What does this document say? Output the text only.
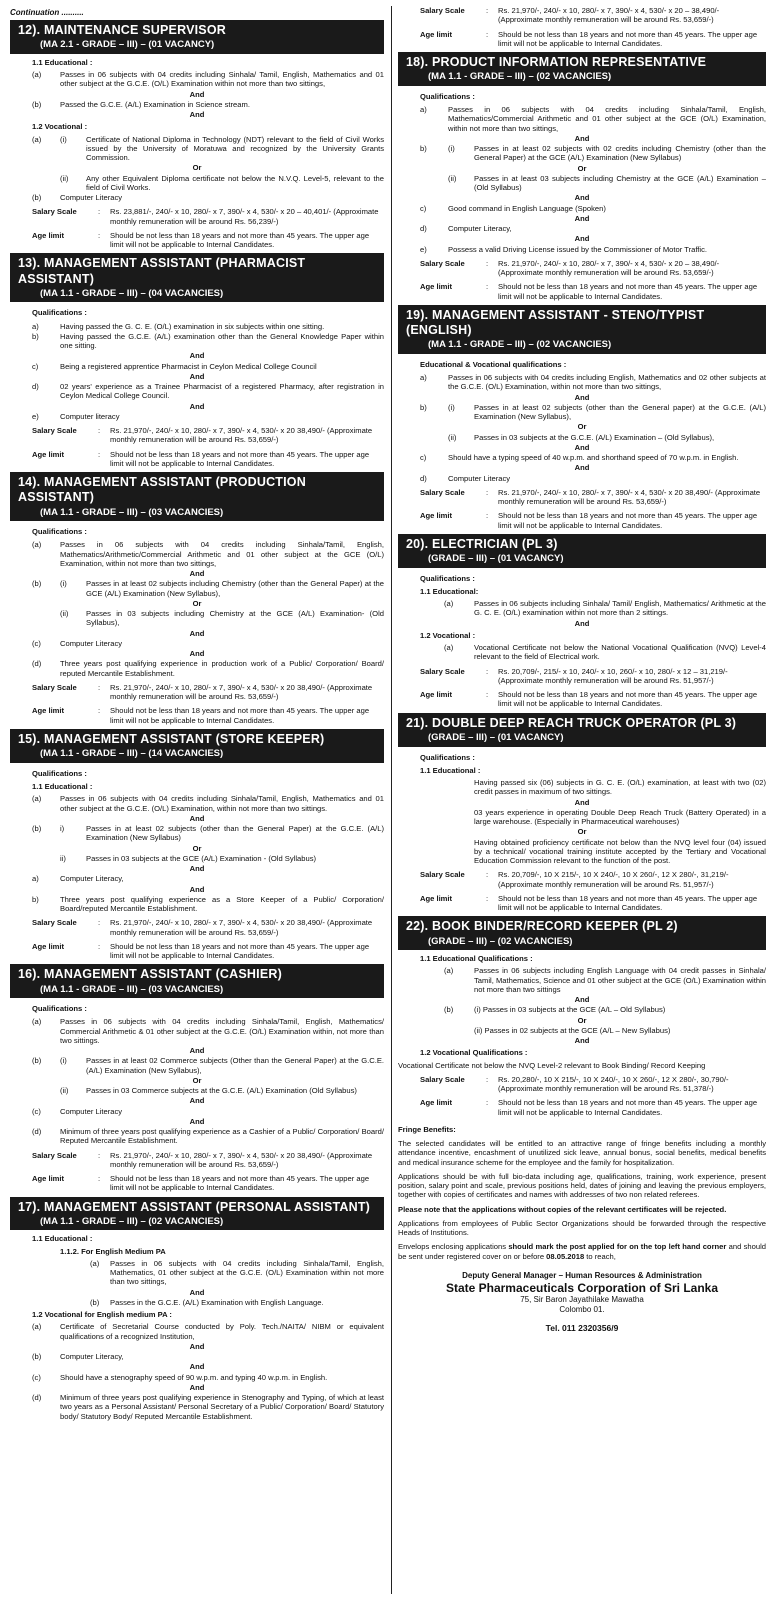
Continuation ..........
12). MAINTENANCE SUPERVISOR
(MA 2.1 - GRADE – III) – (01 VACANCY)
1.1 Educational :
(a)	Passes in 06 subjects with 04 credits including Sinhala/ Tamil, English, Mathematics and 01 other subject at the G.C.E. (O/L) Examination within not more than two sittings,
And
(b)	Passed the G.C.E. (A/L) Examination in Science stream.
And
1.2 Vocational :
(a)	(i)	Certificate of National Diploma in Technology (NDT) relevant to the field of Civil Works issued by the University of Moratuwa and recognized by the University Grants Commission.
Or
(ii)	Any other Equivalent Diploma certificate not below the N.V.Q. Level-5, relevant to the field of Civil Works.
(b)	Computer Literacy
Salary Scale	:	Rs. 23,881/-, 240/- x 10, 280/- x 7, 390/- x 4, 530/- x 20 – 40,401/- (Approximate monthly remuneration will be around Rs. 56,239/-)
Age limit	:	Should be not less than 18 years and not more than 45 years. The upper age limit will not be applicable to Internal Candidates.
13). MANAGEMENT ASSISTANT (PHARMACIST ASSISTANT)
(MA 1.1 - GRADE – III) – (04 VACANCIES)
Qualifications :
a)	Having passed the G. C. E. (O/L) examination in six subjects within one sitting.
b)	Having passed the G.C.E. (A/L) examination other than the General Knowledge Paper within one sitting.
And
c)	Being a registered apprentice Pharmacist in Ceylon Medical College Council
And
d)	02 years' experience as a Trainee Pharmacist of a registered Pharmacy, after registration in Ceylon Medical College Council.
And
e)	Computer literacy
Salary Scale	:	Rs. 21,970/-, 240/- x 10, 280/- x 7, 390/- x 4, 530/- x 20 38,490/- (Approximate monthly remuneration will be around Rs. 53,659/-)
Age limit	:	Should not be less than 18 years and not more than 45 years. The upper age limit will not be applicable to Internal Candidates.
14). MANAGEMENT ASSISTANT (PRODUCTION ASSISTANT)
(MA 1.1 - GRADE – III) – (03 VACANCIES)
Qualifications :
(a)	Passes in 06 subjects with 04 credits including Sinhala/Tamil, English, Mathematics/Arithmetic/Commercial Arithmetic and 01 other subject at the GCE (O/L) Examination, within not more than two sittings,
And
(b)	(i)	Passes in at least 02 subjects including Chemistry (other than the General Paper) at the GCE (A/L) Examination (New Syllabus),
Or
(ii)	Passes in 03 subjects including Chemistry at the GCE (A/L) Examination- (Old Syllabus),
And
(c)	Computer Literacy
And
(d)	Three years post qualifying experience in production work of a Public/ Corporation/ Board/ reputed Mercantile Establishment.
Salary Scale	:	Rs. 21,970/-, 240/- x 10, 280/- x 7, 390/- x 4, 530/- x 20 38,490/- (Approximate monthly remuneration will be around Rs. 53,659/-)
Age limit	:	Should not be less than 18 years and not more than 45 years. The upper age limit will not be applicable to Internal Candidates.
15). MANAGEMENT ASSISTANT (STORE KEEPER)
(MA 1.1 - GRADE – III) – (14 VACANCIES)
Qualifications :
1.1 Educational :
(a)	Passes in 06 subjects with 04 credits including Sinhala/Tamil, English, Mathematics and 01 other subject at the G.C.E. (O/L) Examination, within not more than two sittings.
And
(b)	i)	Passes in at least 02 subjects (other than the General Paper) at the G.C.E. (A/L) Examination (New Syllabus)
Or
ii)	Passes in 03 subjects at the GCE (A/L) Examination - (Old Syllabus)
And
a)	Computer Literacy,
And
b)	Three years post qualifying experience as a Store Keeper of a Public/ Corporation/ Board/reputed Mercantile Establishment.
Salary Scale	:	Rs. 21,970/-, 240/- x 10, 280/- x 7, 390/- x 4, 530/- x 20 38,490/- (Approximate monthly remuneration will be around Rs. 53,659/-)
Age limit	:	Should be not less than 18 years and not more than 45 years. The upper age limit will not be applicable to Internal Candidates.
16). MANAGEMENT ASSISTANT (CASHIER)
(MA 1.1 - GRADE – III) – (03 VACANCIES)
Qualifications :
(a)	Passes in 06 subjects with 04 credits including Sinhala/Tamil, English, Mathematics/ Commercial Arithmetic & 01 other subject at the G.C.E. (O/L) Examination within, not more than two sittings.
And
(b)	(i)	Passes in at least 02 Commerce subjects (Other than the General Paper) at the G.C.E. (A/L) Examination (New Syllabus),
Or
(ii)	Passes in 03 Commerce subjects at the G.C.E. (A/L) Examination (Old Syllabus)
And
(c)	Computer Literacy
And
(d)	Minimum of three years post qualifying experience as a Cashier of a Public/ Corporation/ Board/ Reputed Mercantile Establishment.
Salary Scale	:	Rs. 21,970/-, 240/- x 10, 280/- x 7, 390/- x 4, 530/- x 20 38,490/- (Approximate monthly remuneration will be around Rs. 53,659/-)
Age limit	:	Should not be less than 18 years and not more than 45 years. The upper age limit will not be applicable to Internal Candidates.
17). MANAGEMENT ASSISTANT (PERSONAL ASSISTANT)
(MA 1.1 - GRADE – III) – (02 VACANCIES)
1.1 Educational :
1.1.2. For English Medium PA
(a)	Passes in 06 subjects with 04 credits including Sinhala/Tamil, English, Mathematics, 01 other subject at the G.C.E. (O/L) Examination within not more than two sittings,
And
(b)	Passes in the G.C.E. (A/L) Examination with English Language.
1.2 Vocational for English medium PA :
(a)	Certificate of Secretarial Course conducted by Poly. Tech./NAITA/ NIBM or equivalent qualifications of a recognized Institution,
And
(b)	Computer Literacy,
And
(c)	Should have a stenography speed of 90 w.p.m. and typing 40 w.p.m. in English.
And
(d)	Minimum of three years post qualifying experience in Stenography and Typing, of which at least two years as a Personal Assistant/ Personal Secretary of a Public/ Corporation/ Board/ Statutory body/ Statutory Body/ Reputed Mercantile Establishment.
Salary Scale	:	Rs. 21,970/-, 240/- x 10, 280/- x 7, 390/- x 4, 530/- x 20 – 38,490/- (Approximate monthly remuneration will be around Rs. 53,659/-)
Age limit	:	Should be not less than 18 years and not more than 45 years. The upper age limit will not be applicable to Internal Candidates.
18). PRODUCT INFORMATION REPRESENTATIVE
(MA 1.1 - GRADE – III) – (02 VACANCIES)
Qualifications :
a)	Passes in 06 subjects with 04 credits including Sinhala/Tamil, English, Mathematics/Commercial Arithmetic and 01 other subject at the GCE (O/L) Examination, within not more than two sittings,
And
b)	(i)	Passes in at least 02 subjects with 02 credits including Chemistry (other than the General Paper) at the GCE (A/L) Examination (New Syllabus)
Or
(ii)	Passes in at least 03 subjects including Chemistry at the GCE (A/L) Examination – (Old Syllabus)
And
c)	Good command in English Language (Spoken)
And
d)	Computer Literacy,
And
e)	Possess a valid Driving License issued by the Commissioner of Motor Traffic.
Salary Scale	:	Rs. 21,970/-, 240/- x 10, 280/- x 7, 390/- x 4, 530/- x 20 – 38,490/- (Approximate monthly remuneration will be around Rs. 53,659/-)
Age limit	:	Should not be less than 18 years and not more than 45 years. The upper age limit will not be applicable to Internal Candidates.
19). MANAGEMENT ASSISTANT - STENO/TYPIST (ENGLISH)
(MA 1.1 - GRADE – III) – (02 VACANCIES)
Educational & Vocational qualifications :
a)	Passes in 06 subjects with 04 credits including English, Mathematics and 02 other subjects at the G.C.E. (O/L) Examination, within not more than two sittings,
And
b)	(i)	Passes in at least 02 subjects (other than the General paper) at the G.C.E. (A/L) Examination (New Syllabus),
Or
(ii)	Passes in 03 subjects at the G.C.E. (A/L) Examination – (Old Syllabus),
And
c)	Should have a typing speed of 40 w.p.m. and shorthand speed of 70 w.p.m. in English.
And
d)	Computer Literacy
Salary Scale	:	Rs. 21,970/-, 240/- x 10, 280/- x 7, 390/- x 4, 530/- x 20 38,490/- (Approximate monthly remuneration will be around Rs. 53,659/-)
Age limit	:	Should not be less than 18 years and not more than 45 years. The upper age limit will not be applicable to Internal Candidates.
20). ELECTRICIAN (PL 3)
(GRADE – III) – (01 VACANCY)
Qualifications :
1.1 Educational:
(a)	Passes in 06 subjects including Sinhala/ Tamil/ English, Mathematics/ Arithmetic at the G. C. E. (O/L) examination within not more than 2 sittings.
And
1.2 Vocational :
(a)	Vocational Certificate not below the National Vocational Qualification (NVQ) Level-4 relevant to the field of Electrical work.
Salary Scale	:	Rs. 20,709/-, 215/- x 10, 240/- x 10, 260/- x 10, 280/- x 12 – 31,219/- (Approximate monthly remuneration will be around Rs. 51,957/-)
Age limit	:	Should not be less than 18 years and not more than 45 years. The upper age limit will not be applicable to Internal Candidates.
21). DOUBLE DEEP REACH TRUCK OPERATOR (PL 3)
(GRADE – III) – (01 VACANCY)
Qualifications :
1.1 Educational :
Having passed six (06) subjects in G. C. E. (O/L) examination, at least with two (02) credit passes in maximum of two sittings.
And
03 years experience in operating Double Deep Reach Truck (Battery Operated) in a large warehouse. (Especially in Pharmaceutical warehouses)
Or
Having obtained proficiency certificate not below than the NVQ level four (04) issued by a technical/ vocational training institute accepted by the Tertiary and Vocational Education Commission relevant to the function of the post.
Salary Scale	:	Rs. 20,709/-, 10 X 215/-, 10 X 240/-, 10 X 260/-, 12 X 280/-, 31,219/- (Approximate monthly remuneration will be around Rs. 51,957/-)
Age limit	:	Should not be less than 18 years and not more than 45 years. The upper age limit will not be applicable to Internal Candidates.
22). BOOK BINDER/RECORD KEEPER (PL 2)
(GRADE – III) – (02 VACANCIES)
1.1 Educational Qualifications :
(a)	Passes in 06 subjects including English Language with 04 credit passes in Sinhala/ Tamil, Mathematics, Science and 01 other subject at the GCE (O/L) Examination within not more than two sittings
And
(b)	(i) Passes in 03 subjects at the GCE (A/L – Old Syllabus)
Or
(ii) Passes in 02 subjects at the GCE (A/L – New Syllabus)
And
1.2 Vocational Qualifications :
Vocational Certificate not below the NVQ Level-2 relevant to Book Binding/ Record Keeping
Salary Scale	:	Rs. 20,280/-, 10 X 215/-, 10 X 240/-, 10 X 260/-, 12 X 280/-, 30,790/- (Approximate monthly remuneration will be around Rs. 51,378/-)
Age limit	:	Should not be less than 18 years and not more than 45 years. The upper age limit will not be applicable to Internal Candidates.
Fringe Benefits:
The selected candidates will be entitled to an attractive range of fringe benefits including a monthly attendance incentive, encashment of unutilized sick leave, annual bonus, social benefits, medical benefits and medical insurance scheme for the employee and the family for hospitalization.
Applications should be with full bio-data including age, qualifications, training, work experience, present position, salary point and scale, previous positions held, dates of joining and leaving the previous employers, together with copies of certificates and names with addresses of two non related referees.
Please note that the applications without copies of the relevant certificates will be rejected.
Applications from employees of Public Sector Organizations should be forwarded through the respective Heads of Institutions.
Envelops enclosing applications should mark the post applied for on the top left hand corner and should be sent under registered cover on or before 08.05.2018 to reach,
Deputy General Manager – Human Resources & Administration
State Pharmaceuticals Corporation of Sri Lanka
75, Sir Baron Jayathilake Mawatha
Colombo 01.
Tel. 011 2320356/9
